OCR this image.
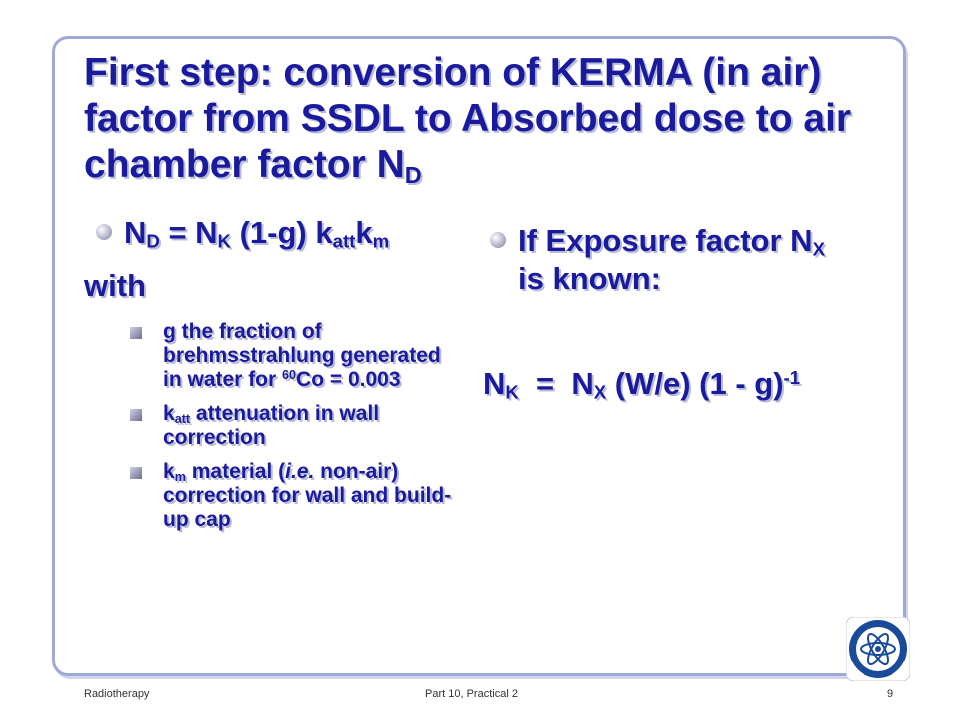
First step: conversion of KERMA (in air)
factor from SSDL to Absorbed dose to air
chamber factor $N_D$
$N_D = N_K$ (1-g) $k_{att}k_m$
with
g the fraction of brehmsstrahlung generated in water for $^{60}$Co = 0.003
$k_{att}$ attenuation in wall correction
$k_m$ material (i.e. non-air) correction for wall and build-up cap
If Exposure factor $N_X$
is known:
$N_K = N_X$ (W/e) (1 - g)$^{-1}$
Radiotherapy	Part 10, Practical 2	9
